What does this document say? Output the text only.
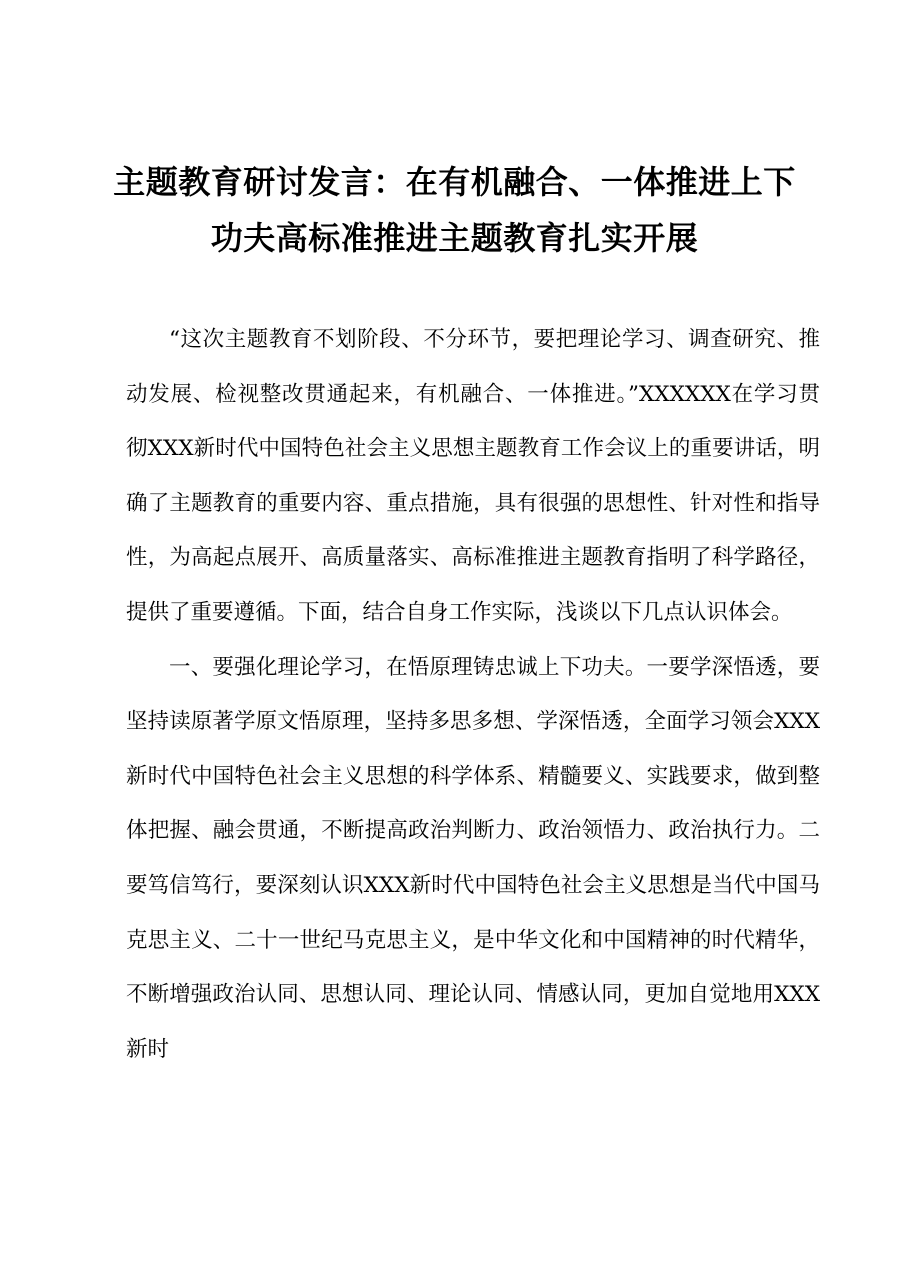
主题教育研讨发言：在有机融合、一体推进上下
功夫高标准推进主题教育扎实开展

“这次主题教育不划阶段、不分环节，要把理论学习、调查研究、推动发展、检视整改贯通起来，有机融合、一体推进。”XXXXXX在学习贯彻XXX新时代中国特色社会主义思想主题教育工作会议上的重要讲话，明确了主题教育的重要内容、重点措施，具有很强的思想性、针对性和指导性，为高起点展开、高质量落实、高标准推进主题教育指明了科学路径，提供了重要遵循。下面，结合自身工作实际，浅谈以下几点认识体会。

一、要强化理论学习，在悟原理铸忠诚上下功夫。一要学深悟透，要坚持读原著学原文悟原理，坚持多思多想、学深悟透，全面学习领会XXX新时代中国特色社会主义思想的科学体系、精髓要义、实践要求，做到整体把握、融会贯通，不断提高政治判断力、政治领悟力、政治执行力。二要笃信笃行，要深刻认识XXX新时代中国特色社会主义思想是当代中国马克思主义、二十一世纪马克思主义，是中华文化和中国精神的时代精华，不断增强政治认同、思想认同、理论认同、情感认同，更加自觉地用XXX新时
